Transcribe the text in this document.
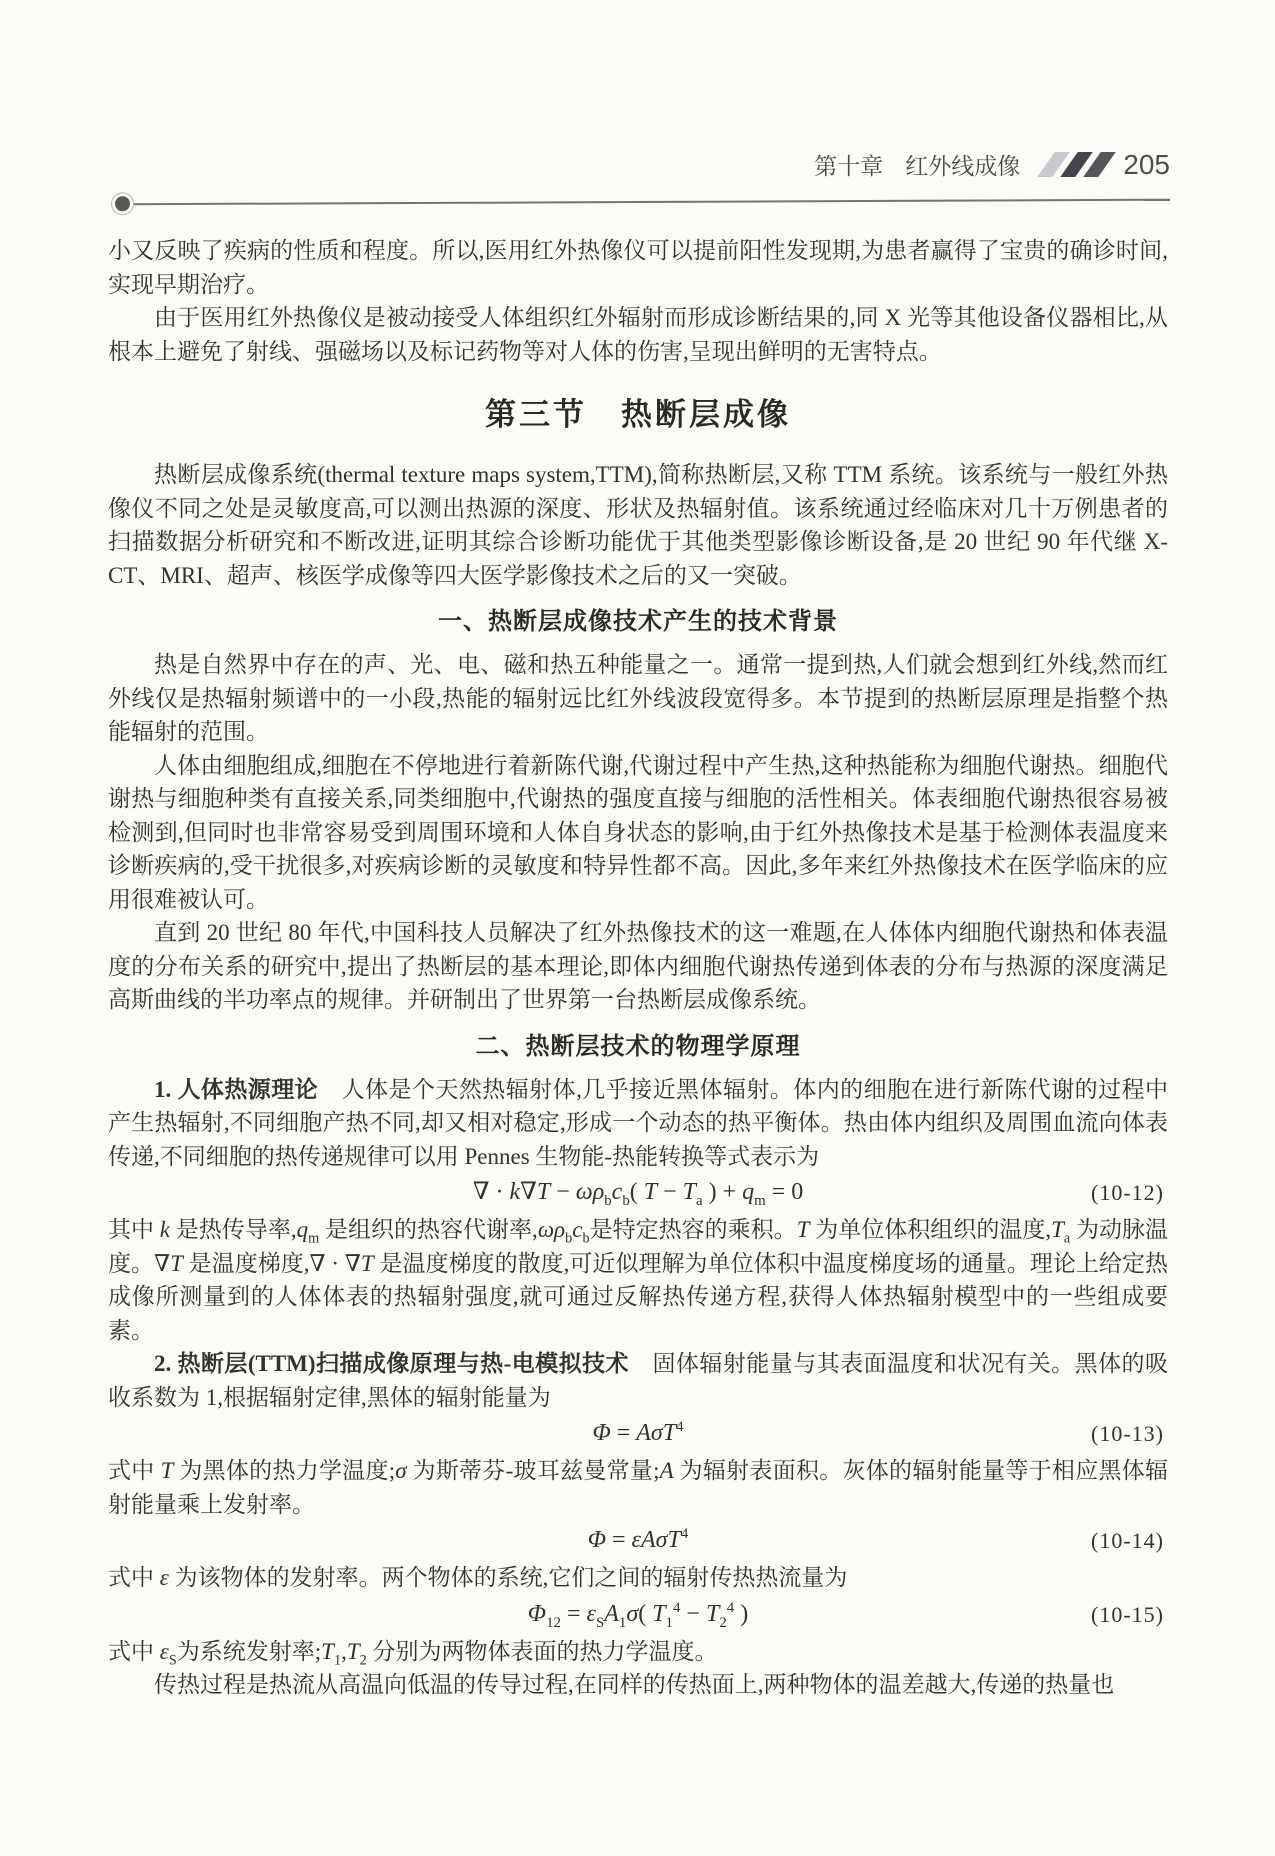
第十章 红外线成像	205

小又反映了疾病的性质和程度。所以,医用红外热像仪可以提前阳性发现期,为患者赢得了宝贵的确诊时间,实现早期治疗。

由于医用红外热像仪是被动接受人体组织红外辐射而形成诊断结果的,同 X 光等其他设备仪器相比,从根本上避免了射线、强磁场以及标记药物等对人体的伤害,呈现出鲜明的无害特点。

第三节　热断层成像

热断层成像系统(thermal texture maps system,TTM),简称热断层,又称 TTM 系统。该系统与一般红外热像仪不同之处是灵敏度高,可以测出热源的深度、形状及热辐射值。该系统通过经临床对几十万例患者的扫描数据分析研究和不断改进,证明其综合诊断功能优于其他类型影像诊断设备,是 20 世纪 90 年代继 X-CT、MRI、超声、核医学成像等四大医学影像技术之后的又一突破。

一、热断层成像技术产生的技术背景

热是自然界中存在的声、光、电、磁和热五种能量之一。通常一提到热,人们就会想到红外线,然而红外线仅是热辐射频谱中的一小段,热能的辐射远比红外线波段宽得多。本节提到的热断层原理是指整个热能辐射的范围。

人体由细胞组成,细胞在不停地进行着新陈代谢,代谢过程中产生热,这种热能称为细胞代谢热。细胞代谢热与细胞种类有直接关系,同类细胞中,代谢热的强度直接与细胞的活性相关。体表细胞代谢热很容易被检测到,但同时也非常容易受到周围环境和人体自身状态的影响,由于红外热像技术是基于检测体表温度来诊断疾病的,受干扰很多,对疾病诊断的灵敏度和特异性都不高。因此,多年来红外热像技术在医学临床的应用很难被认可。

直到 20 世纪 80 年代,中国科技人员解决了红外热像技术的这一难题,在人体体内细胞代谢热和体表温度的分布关系的研究中,提出了热断层的基本理论,即体内细胞代谢热传递到体表的分布与热源的深度满足高斯曲线的半功率点的规律。并研制出了世界第一台热断层成像系统。

二、热断层技术的物理学原理

1. 人体热源理论　人体是个天然热辐射体,几乎接近黑体辐射。体内的细胞在进行新陈代谢的过程中产生热辐射,不同细胞产热不同,却又相对稳定,形成一个动态的热平衡体。热由体内组织及周围血流向体表传递,不同细胞的热传递规律可以用 Pennes 生物能-热能转换等式表示为

∇ · $k\nabla T - \omega\rho_bc_b$( $T - T_a$ ) + $q_m = 0$	(10-12)

其中 k 是热传导率$,q_m$ 是组织的热容代谢率$,\omega\rho_bc_b$是特定热容的乘积。T 为单位体积组织的温度$,T_a$ 为动脉温度。∇T 是温度梯度,∇ · ∇T 是温度梯度的散度,可近似理解为单位体积中温度梯度场的通量。理论上给定热成像所测量到的人体体表的热辐射强度,就可通过反解热传递方程,获得人体热辐射模型中的一些组成要素。

2. 热断层(TTM)扫描成像原理与热-电模拟技术　固体辐射能量与其表面温度和状况有关。黑体的吸收系数为 1,根据辐射定律,黑体的辐射能量为

Φ = AσT$^4$	(10-13)

式中 T 为黑体的热力学温度;σ 为斯蒂芬-玻耳兹曼常量;A 为辐射表面积。灰体的辐射能量等于相应黑体辐射能量乘上发射率。

Φ = εAσT$^4$	(10-14)

式中 ε 为该物体的发射率。两个物体的系统,它们之间的辐射传热热流量为

$\Phi_{12} = \varepsilon_SA_1\sigma$( $T_1^4 - T_2^4$ )	(10-15)

式中 $\varepsilon_S$为系统发射率$;T_1,T_2$ 分别为两物体表面的热力学温度。

传热过程是热流从高温向低温的传导过程,在同样的传热面上,两种物体的温差越大,传递的热量也
